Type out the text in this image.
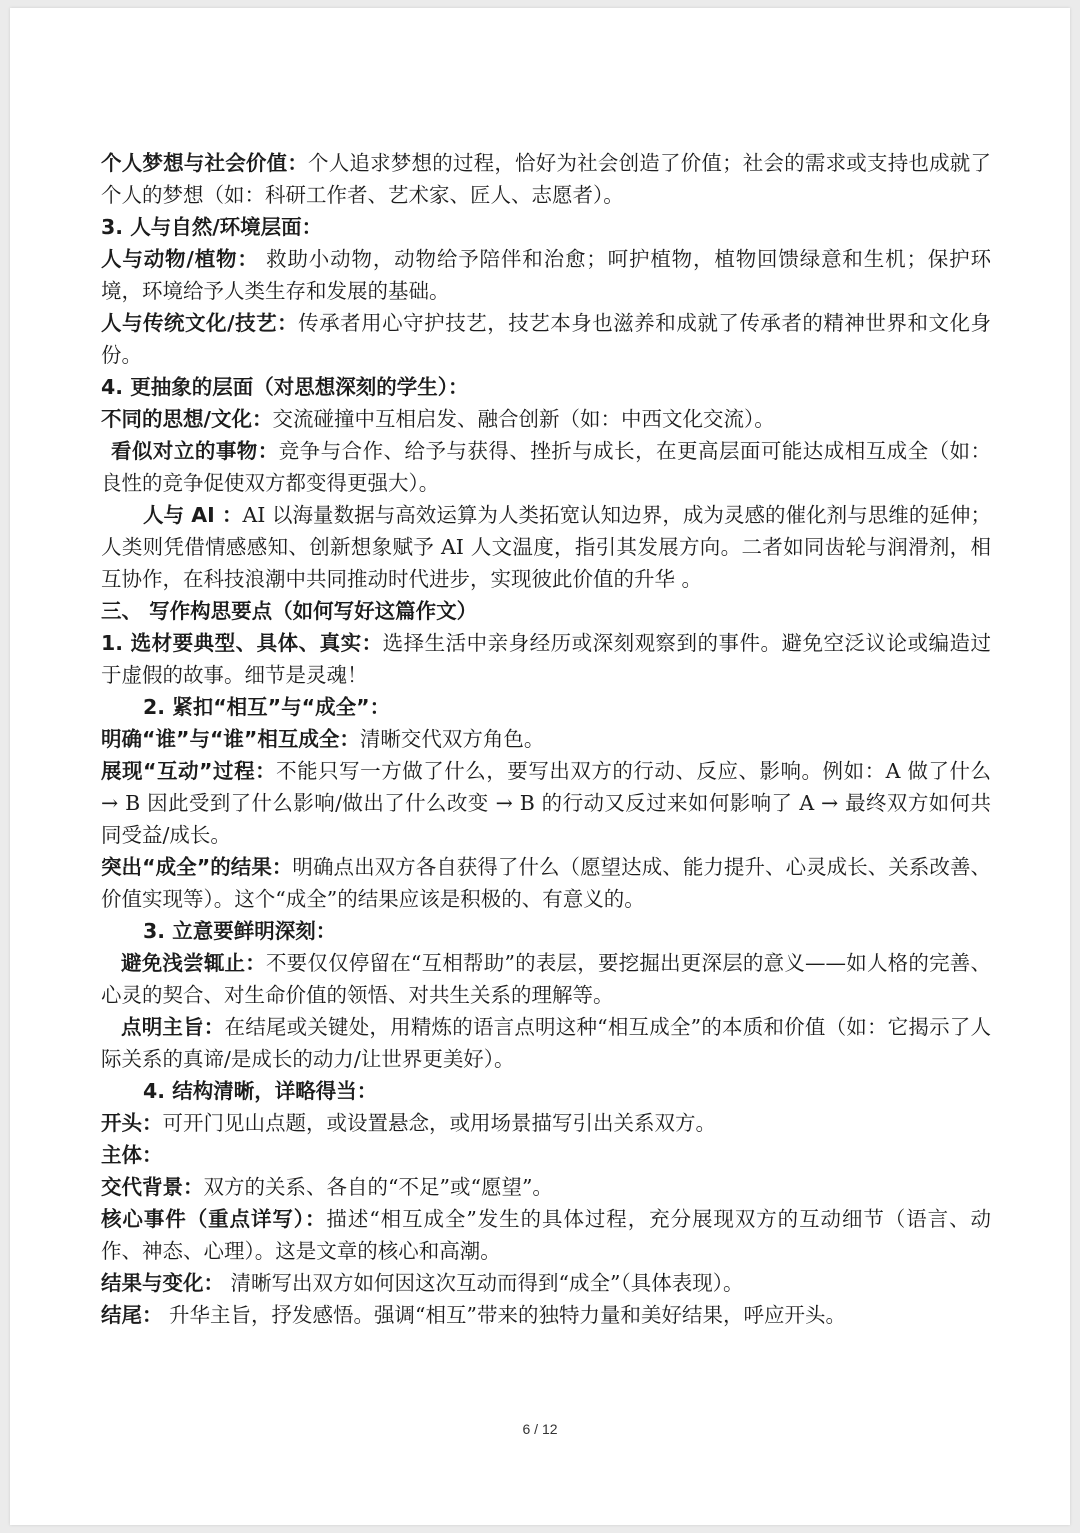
个人梦想与社会价值：个人追求梦想的过程，恰好为社会创造了价值；社会的需求或支持也成就了个人的梦想（如：科研工作者、艺术家、匠人、志愿者）。

3. 人与自然/环境层面：

人与动物/植物： 救助小动物，动物给予陪伴和治愈；呵护植物，植物回馈绿意和生机；保护环境，环境给予人类生存和发展的基础。

人与传统文化/技艺：传承者用心守护技艺，技艺本身也滋养和成就了传承者的精神世界和文化身份。

4. 更抽象的层面（对思想深刻的学生）：

不同的思想/文化：交流碰撞中互相启发、融合创新（如：中西文化交流）。

看似对立的事物：竞争与合作、给予与获得、挫折与成长，在更高层面可能达成相互成全（如：良性的竞争促使双方都变得更强大）。

人与 AI ：AI 以海量数据与高效运算为人类拓宽认知边界，成为灵感的催化剂与思维的延伸；人类则凭借情感感知、创新想象赋予 AI 人文温度，指引其发展方向。二者如同齿轮与润滑剂，相互协作，在科技浪潮中共同推动时代进步，实现彼此价值的升华 。

三、 写作构思要点（如何写好这篇作文）

1. 选材要典型、具体、真实：选择生活中亲身经历或深刻观察到的事件。避免空泛议论或编造过于虚假的故事。细节是灵魂！

2. 紧扣“相互”与“成全”：

明确“谁”与“谁”相互成全：清晰交代双方角色。

展现“互动”过程：不能只写一方做了什么，要写出双方的行动、反应、影响。例如：A 做了什么 → B 因此受到了什么影响/做出了什么改变 → B 的行动又反过来如何影响了 A → 最终双方如何共同受益/成长。

突出“成全”的结果：明确点出双方各自获得了什么（愿望达成、能力提升、心灵成长、关系改善、价值实现等）。这个“成全”的结果应该是积极的、有意义的。

3. 立意要鲜明深刻：

避免浅尝辄止：不要仅仅停留在“互相帮助”的表层，要挖掘出更深层的意义——如人格的完善、心灵的契合、对生命价值的领悟、对共生关系的理解等。

点明主旨：在结尾或关键处，用精炼的语言点明这种“相互成全”的本质和价值（如：它揭示了人际关系的真谛/是成长的动力/让世界更美好）。

4. 结构清晰，详略得当：

开头：可开门见山点题，或设置悬念，或用场景描写引出关系双方。

主体：

交代背景：双方的关系、各自的“不足”或“愿望”。

核心事件（重点详写）：描述“相互成全”发生的具体过程，充分展现双方的互动细节（语言、动作、神态、心理）。这是文章的核心和高潮。

结果与变化： 清晰写出双方如何因这次互动而得到“成全”（具体表现）。

结尾： 升华主旨，抒发感悟。强调“相互”带来的独特力量和美好结果，呼应开头。

6 / 12
